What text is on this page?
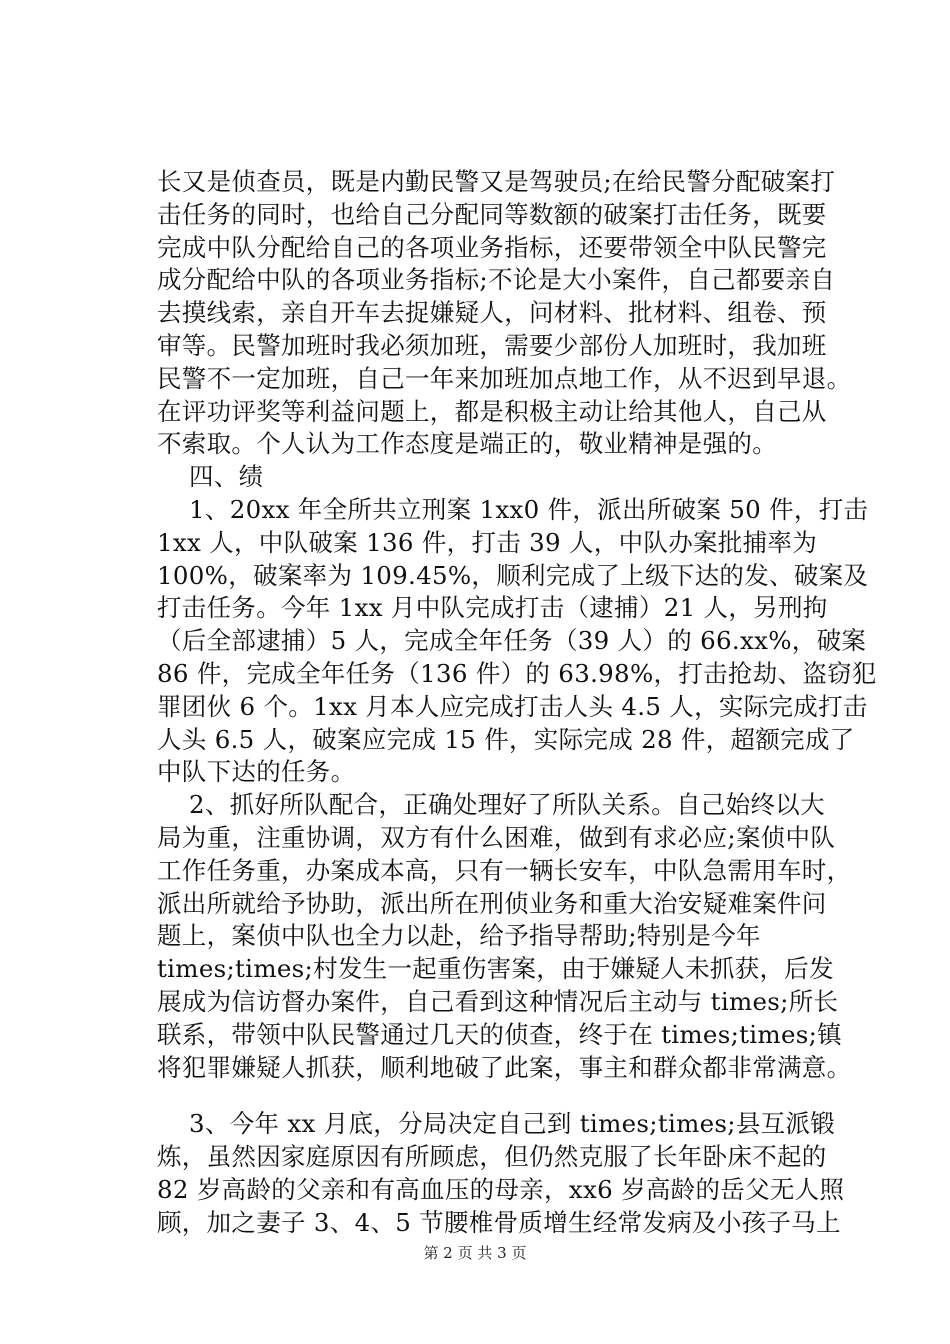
长又是侦查员，既是内勤民警又是驾驶员;在给民警分配破案打
击任务的同时，也给自己分配同等数额的破案打击任务，既要
完成中队分配给自己的各项业务指标，还要带领全中队民警完
成分配给中队的各项业务指标;不论是大小案件，自己都要亲自
去摸线索，亲自开车去捉嫌疑人，问材料、批材料、组卷、预
审等。民警加班时我必须加班，需要少部份人加班时，我加班
民警不一定加班，自己一年来加班加点地工作，从不迟到早退。
在评功评奖等利益问题上，都是积极主动让给其他人，自己从
不索取。个人认为工作态度是端正的，敬业精神是强的。
四、绩
1、20xx 年全所共立刑案 1xx0 件，派出所破案 50 件，打击
1xx 人，中队破案 136 件，打击 39 人，中队办案批捕率为
100%，破案率为 109.45%，顺利完成了上级下达的发、破案及
打击任务。今年 1xx 月中队完成打击（逮捕）21 人，另刑拘
（后全部逮捕）5 人，完成全年任务（39 人）的 66.xx%，破案
86 件，完成全年任务（136 件）的 63.98%，打击抢劫、盗窃犯
罪团伙 6 个。1xx 月本人应完成打击人头 4.5 人，实际完成打击
人头 6.5 人，破案应完成 15 件，实际完成 28 件，超额完成了
中队下达的任务。
2、抓好所队配合，正确处理好了所队关系。自己始终以大
局为重，注重协调，双方有什么困难，做到有求必应;案侦中队
工作任务重，办案成本高，只有一辆长安车，中队急需用车时，
派出所就给予协助，派出所在刑侦业务和重大治安疑难案件问
题上，案侦中队也全力以赴，给予指导帮助;特别是今年
times;times;村发生一起重伤害案，由于嫌疑人未抓获，后发
展成为信访督办案件，自己看到这种情况后主动与 times;所长
联系，带领中队民警通过几天的侦查，终于在 times;times;镇
将犯罪嫌疑人抓获，顺利地破了此案，事主和群众都非常满意。
3、今年 xx 月底，分局决定自己到 times;times;县互派锻
炼，虽然因家庭原因有所顾虑，但仍然克服了长年卧床不起的
82 岁高龄的父亲和有高血压的母亲，xx6 岁高龄的岳父无人照
顾，加之妻子 3、4、5 节腰椎骨质增生经常发病及小孩子马上
第 2 页 共 3 页
